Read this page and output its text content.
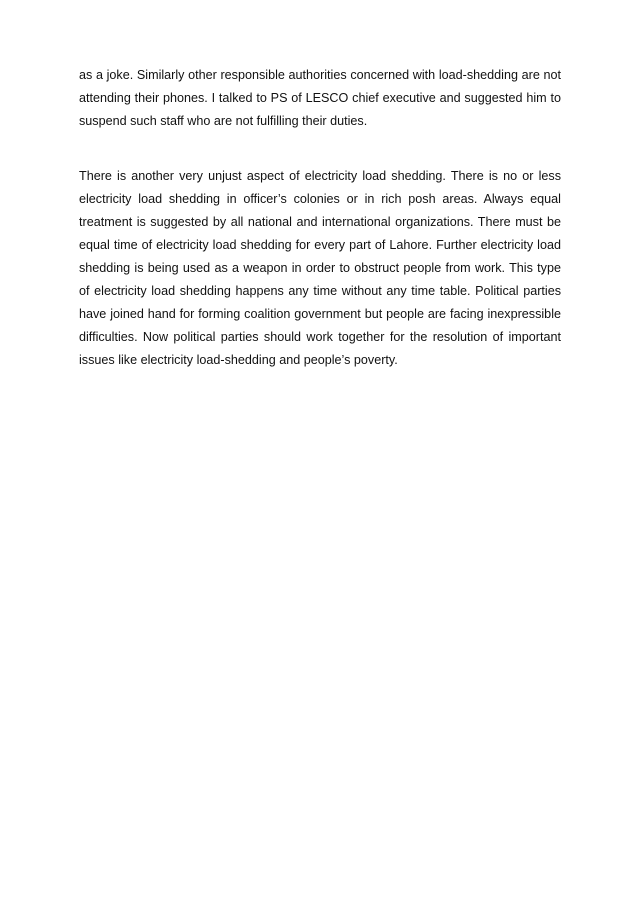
as a joke. Similarly other responsible authorities concerned with load-shedding are not attending their phones. I talked to PS of LESCO chief executive and suggested him to suspend such staff who are not fulfilling their duties.

There is another very unjust aspect of electricity load shedding. There is no or less electricity load shedding in officer’s colonies or in rich posh areas. Always equal treatment is suggested by all national and international organizations. There must be equal time of electricity load shedding for every part of Lahore. Further electricity load shedding is being used as a weapon in order to obstruct people from work. This type of electricity load shedding happens any time without any time table. Political parties have joined hand for forming coalition government but people are facing inexpressible difficulties. Now political parties should work together for the resolution of important issues like electricity load-shedding and people’s poverty.
